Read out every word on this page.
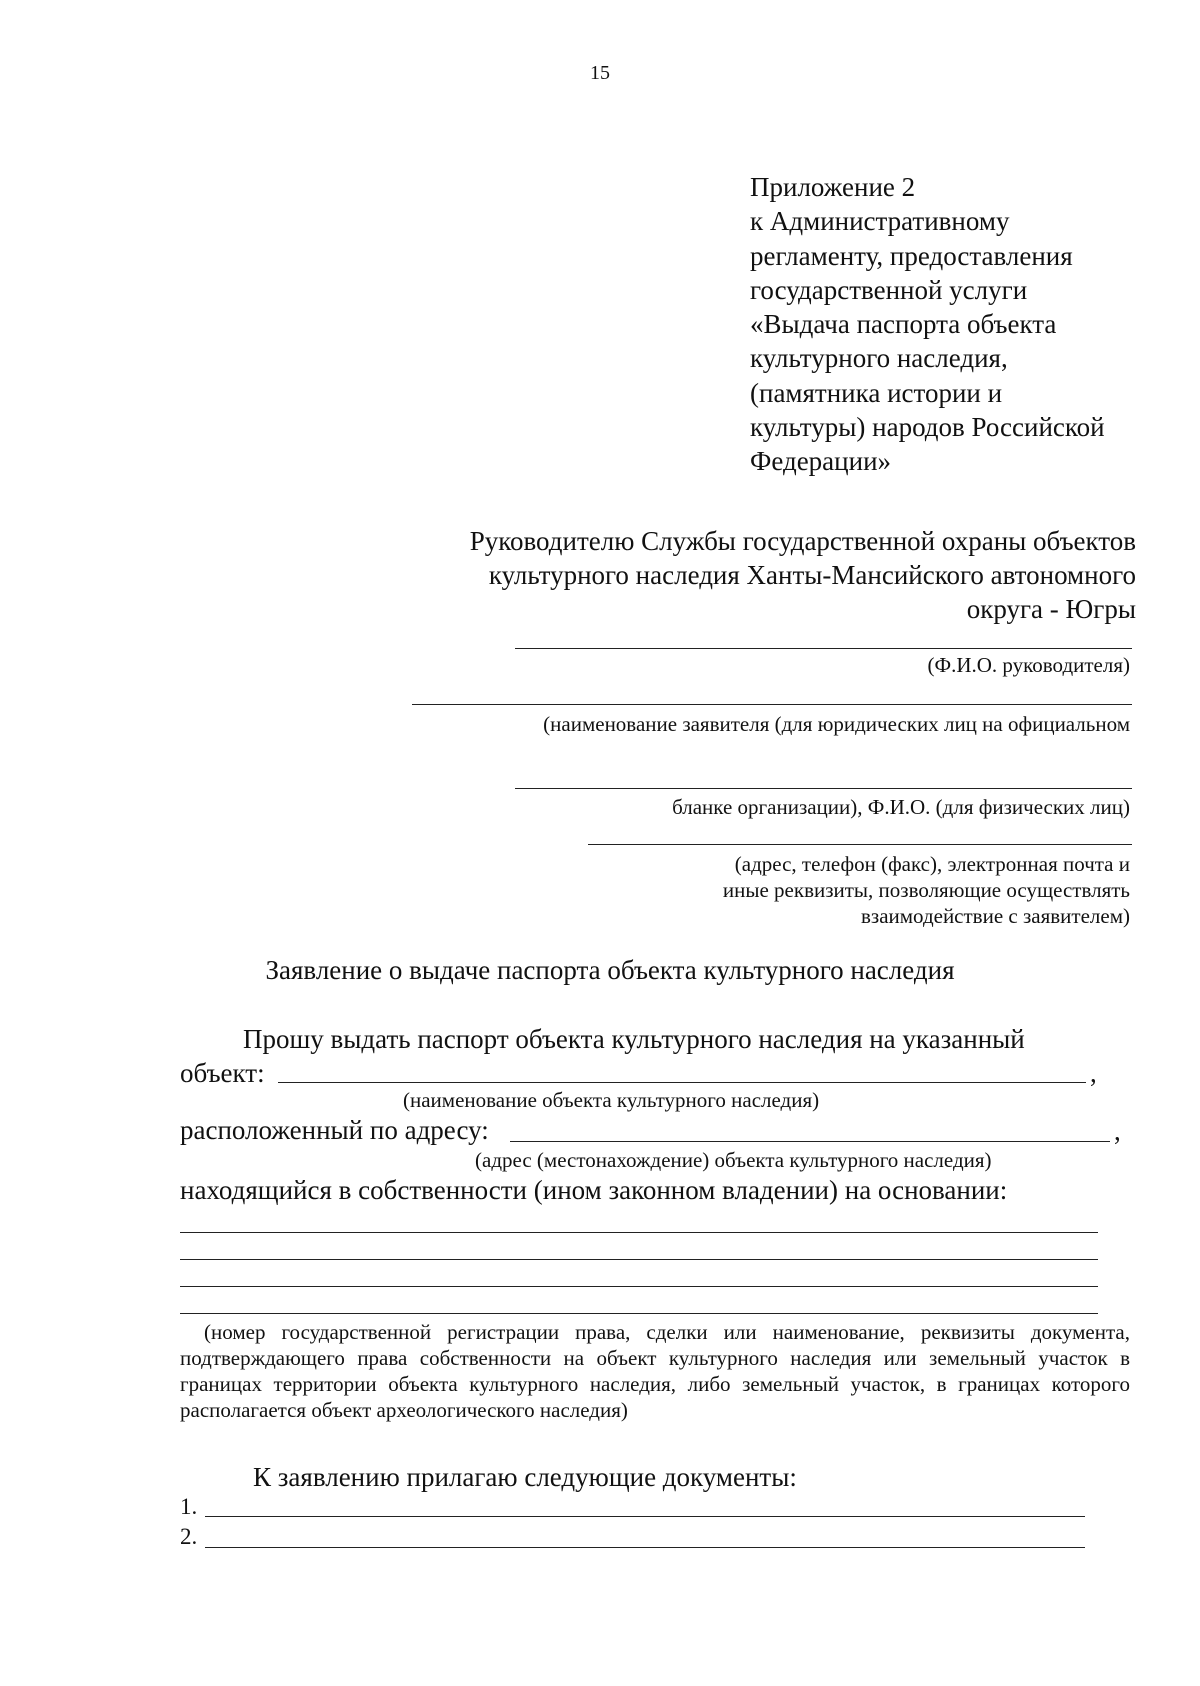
15
Приложение 2
к Административному
регламенту, предоставления
государственной услуги
«Выдача паспорта объекта
культурного наследия,
(памятника истории и
культуры) народов Российской
Федерации»
Руководителю Службы государственной охраны объектов
культурного наследия Ханты-Мансийского автономного
округа - Югры
(Ф.И.О. руководителя)
(наименование заявителя (для юридических лиц на официальном
бланке организации), Ф.И.О. (для физических лиц)
(адрес, телефон (факс), электронная почта и
иные реквизиты, позволяющие осуществлять
взаимодействие с заявителем)
Заявление о выдаче паспорта объекта культурного наследия
Прошу выдать паспорт объекта культурного наследия на указанный
объект:	,
(наименование объекта культурного наследия)
расположенный по адресу:	,
(адрес (местонахождение) объекта культурного наследия)
находящийся в собственности (ином законном владении) на основании:

(номер государственной регистрации права, сделки или наименование, реквизиты документа, подтверждающего права собственности на объект культурного наследия или земельный участок в границах территории объекта культурного наследия, либо земельный участок, в границах которого располагается объект археологического наследия)

К заявлению прилагаю следующие документы:
1.
2.
